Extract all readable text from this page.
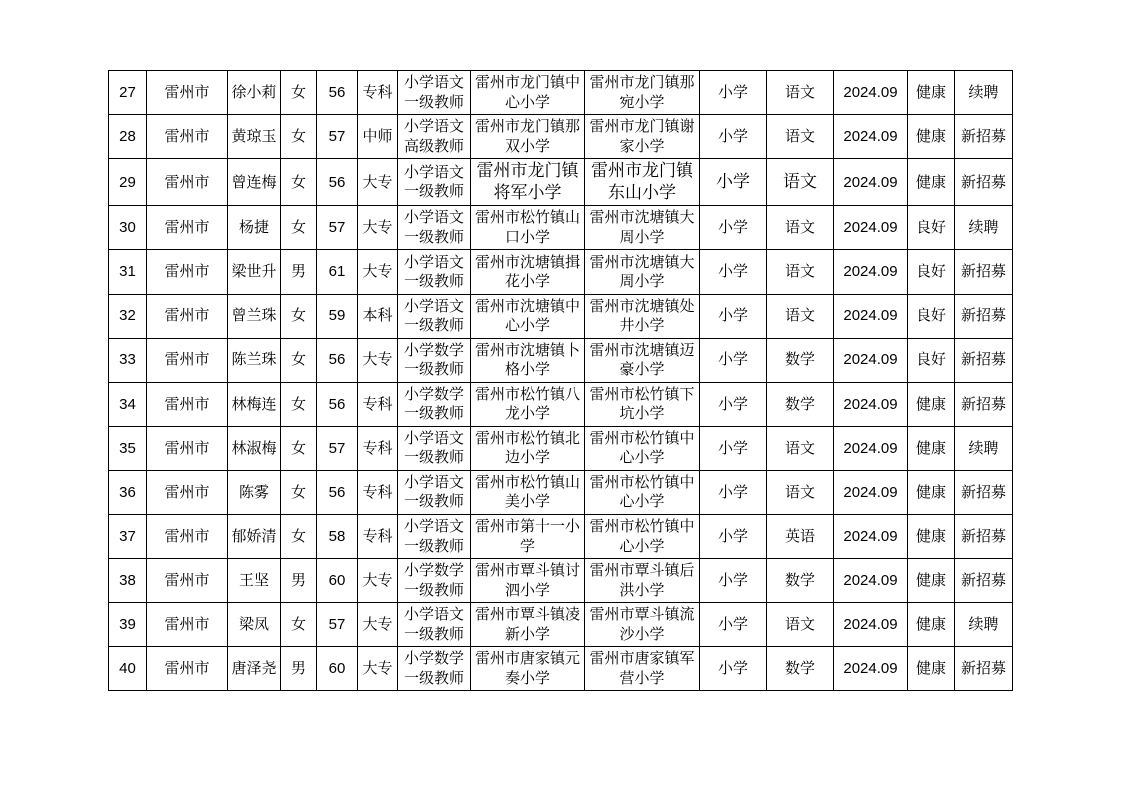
27	雷州市	徐小莉	女	56	专科	小学语文一级教师	雷州市龙门镇中心小学	雷州市龙门镇那宛小学	小学	语文	2024.09	健康	续聘
28	雷州市	黄琼玉	女	57	中师	小学语文高级教师	雷州市龙门镇那双小学	雷州市龙门镇谢家小学	小学	语文	2024.09	健康	新招募
29	雷州市	曾连梅	女	56	大专	小学语文一级教师	雷州市龙门镇将军小学	雷州市龙门镇东山小学	小学	语文	2024.09	健康	新招募
30	雷州市	杨捷	女	57	大专	小学语文一级教师	雷州市松竹镇山口小学	雷州市沈塘镇大周小学	小学	语文	2024.09	良好	续聘
31	雷州市	梁世升	男	61	大专	小学语文一级教师	雷州市沈塘镇揖花小学	雷州市沈塘镇大周小学	小学	语文	2024.09	良好	新招募
32	雷州市	曾兰珠	女	59	本科	小学语文一级教师	雷州市沈塘镇中心小学	雷州市沈塘镇处井小学	小学	语文	2024.09	良好	新招募
33	雷州市	陈兰珠	女	56	大专	小学数学一级教师	雷州市沈塘镇卜格小学	雷州市沈塘镇迈豪小学	小学	数学	2024.09	良好	新招募
34	雷州市	林梅连	女	56	专科	小学数学一级教师	雷州市松竹镇八龙小学	雷州市松竹镇下坑小学	小学	数学	2024.09	健康	新招募
35	雷州市	林淑梅	女	57	专科	小学语文一级教师	雷州市松竹镇北边小学	雷州市松竹镇中心小学	小学	语文	2024.09	健康	续聘
36	雷州市	陈雾	女	56	专科	小学语文一级教师	雷州市松竹镇山美小学	雷州市松竹镇中心小学	小学	语文	2024.09	健康	新招募
37	雷州市	郁娇清	女	58	专科	小学语文一级教师	雷州市第十一小学	雷州市松竹镇中心小学	小学	英语	2024.09	健康	新招募
38	雷州市	王坚	男	60	大专	小学数学一级教师	雷州市覃斗镇讨泗小学	雷州市覃斗镇后洪小学	小学	数学	2024.09	健康	新招募
39	雷州市	梁凤	女	57	大专	小学语文一级教师	雷州市覃斗镇凌新小学	雷州市覃斗镇流沙小学	小学	语文	2024.09	健康	续聘
40	雷州市	唐泽尧	男	60	大专	小学数学一级教师	雷州市唐家镇元奏小学	雷州市唐家镇军营小学	小学	数学	2024.09	健康	新招募
